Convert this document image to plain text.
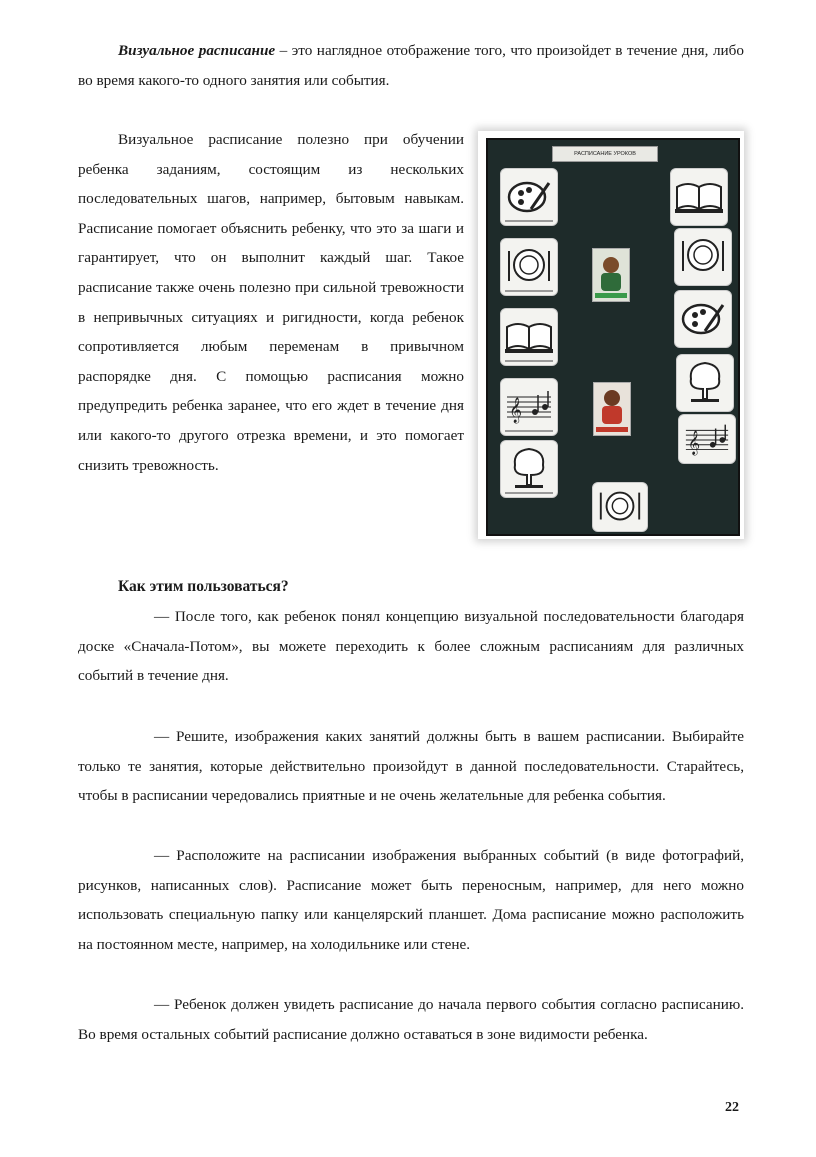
Визуальное расписание – это наглядное отображение того, что произойдет в течение дня, либо во время какого-то одного занятия или события.

РАСПИСАНИЕ УРОКОВ
𝄞
𝄞

Визуальное расписание полезно при обучении ребенка заданиям, состоящим из нескольких последовательных шагов, например, бытовым навыкам. Расписание помогает объяснить ребенку, что это за шаги и гарантирует, что он выполнит каждый шаг. Такое расписание также очень полезно при сильной тревожности в непривычных ситуациях и ригидности, когда ребенок сопротивляется любым переменам в привычном распорядке дня. С помощью расписания можно предупредить ребенка заранее, что его ждет в течение дня или какого-то другого отрезка времени, и это помогает снизить тревожность.

Как этим пользоваться?

— После того, как ребенок понял концепцию визуальной последовательности благодаря доске «Сначала-Потом», вы можете переходить к более сложным расписаниям для различных событий в течение дня.

— Решите, изображения каких занятий должны быть в вашем расписании. Выбирайте только те занятия, которые действительно произойдут в данной последовательности. Старайтесь, чтобы в расписании чередовались приятные и не очень желательные для ребенка события.

— Расположите на расписании изображения выбранных событий (в виде фотографий, рисунков, написанных слов). Расписание может быть переносным, например, для него можно использовать специальную папку или канцелярский планшет. Дома расписание можно расположить на постоянном месте, например, на холодильнике или стене.

— Ребенок должен увидеть расписание до начала первого события согласно расписанию. Во время остальных событий расписание должно оставаться в зоне видимости ребенка.

22
